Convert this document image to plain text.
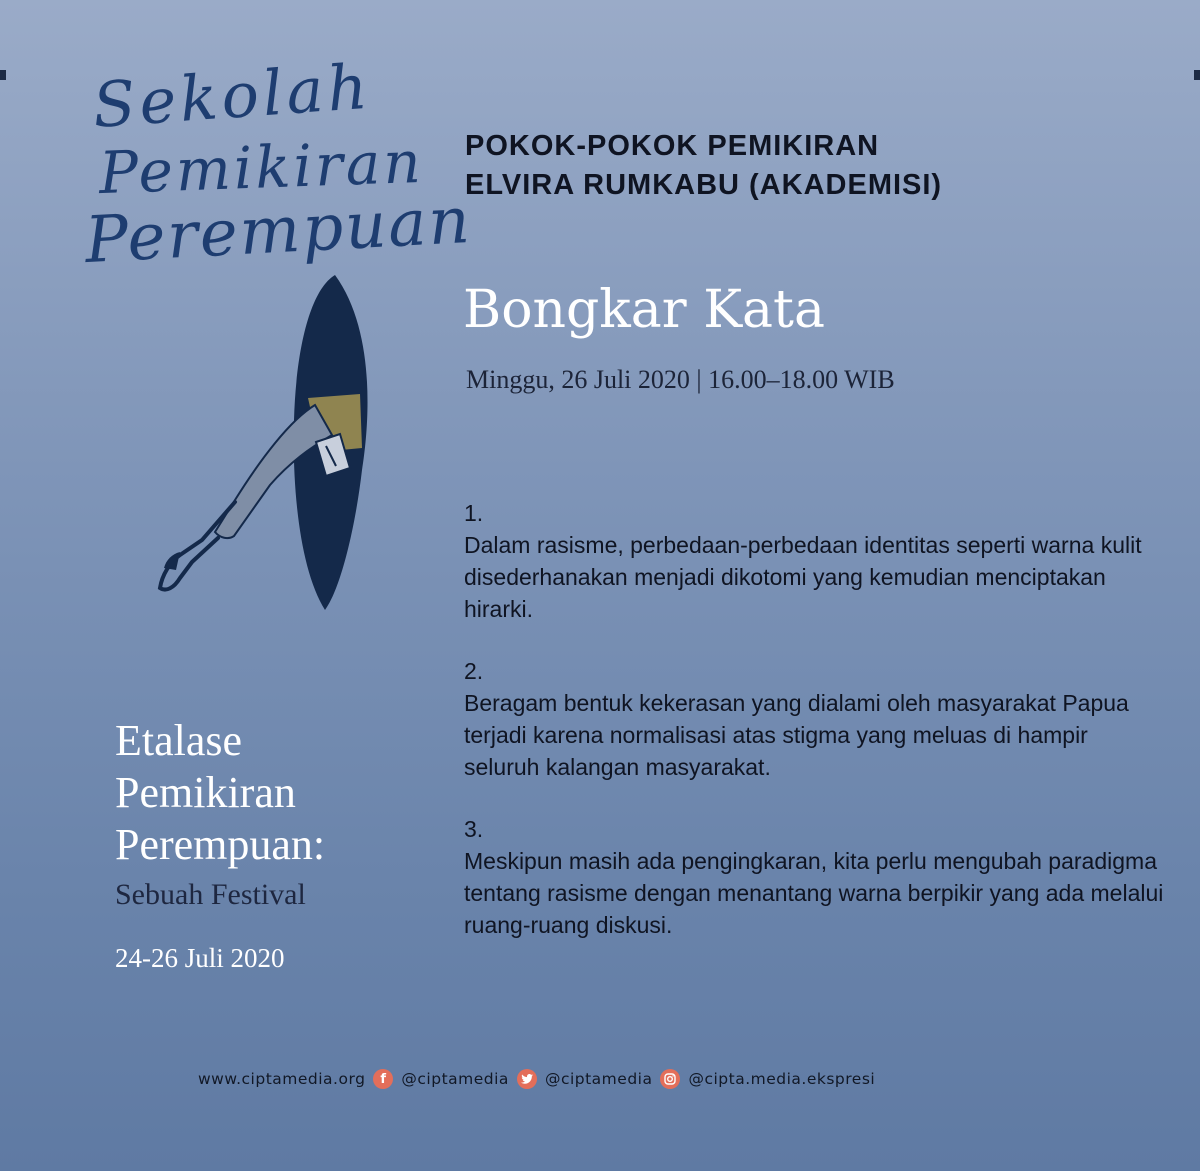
Sekolah
Pemikiran
Perempuan
POKOK-POKOK PEMIKIRAN
ELVIRA RUMKABU (AKADEMISI)
Bongkar Kata
Minggu, 26 Juli 2020 | 16.00–18.00 WIB
1.
Dalam rasisme, perbedaan-perbedaan identitas seperti warna kulit disederhanakan menjadi dikotomi yang kemudian menciptakan hirarki.
2.
Beragam bentuk kekerasan yang dialami oleh masyarakat Papua terjadi karena normalisasi atas stigma yang meluas di hampir seluruh kalangan masyarakat.
3.
Meskipun masih ada pengingkaran, kita perlu mengubah paradigma tentang rasisme dengan menantang warna berpikir yang ada melalui ruang-ruang diskusi.
Etalase
Pemikiran
Perempuan:
Sebuah Festival
24-26 Juli 2020
www.ciptamedia.org	f @ciptamedia @ciptamedia @cipta.media.ekspresi
